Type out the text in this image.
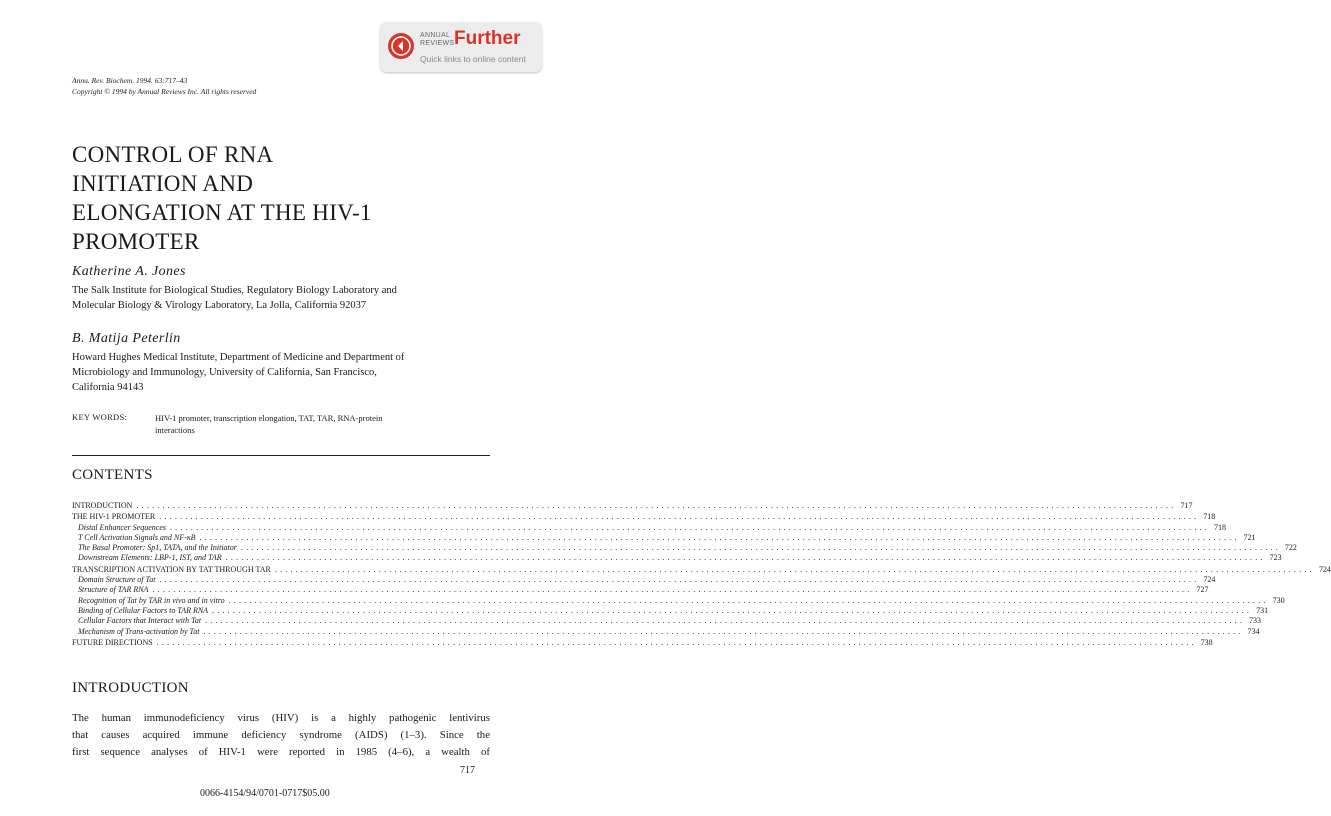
ANNUAL
REVIEWS Further
Quick links to online content
Annu. Rev. Biochem. 1994. 63:717–43
Copyright © 1994 by Annual Reviews Inc. All rights reserved
CONTROL OF RNA
INITIATION AND
ELONGATION AT THE HIV-1
PROMOTER
Katherine A. Jones
The Salk Institute for Biological Studies, Regulatory Biology Laboratory and
Molecular Biology & Virology Laboratory, La Jolla, California 92037
B. Matija Peterlin
Howard Hughes Medical Institute, Department of Medicine and Department of
Microbiology and Immunology, University of California, San Francisco,
California 94143
KEY WORDS:	HIV-1 promoter, transcription elongation, TAT, TAR, RNA-protein
interactions
CONTENTS
INTRODUCTION ........................................................................................................................................................................................................ 717
THE HIV-1 PROMOTER ........................................................................................................................................................................................................ 718
Distal Enhancer Sequences ........................................................................................................................................................................................................ 718
T Cell Activation Signals and NF-κB ........................................................................................................................................................................................................ 721
The Basal Promoter: Sp1, TATA, and the Initiator ........................................................................................................................................................................................................ 722
Downstream Elements: LBP-1, IST, and TAR ........................................................................................................................................................................................................ 723
TRANSCRIPTION ACTIVATION BY TAT THROUGH TAR ........................................................................................................................................................................................................ 724
Domain Structure of Tat ........................................................................................................................................................................................................ 724
Structure of TAR RNA ........................................................................................................................................................................................................ 727
Recognition of Tat by TAR in vivo and in vitro ........................................................................................................................................................................................................ 730
Binding of Cellular Factors to TAR RNA ........................................................................................................................................................................................................ 731
Cellular Factors that Interact with Tat ........................................................................................................................................................................................................ 733
Mechanism of Trans-activation by Tat ........................................................................................................................................................................................................ 734
FUTURE DIRECTIONS ........................................................................................................................................................................................................ 738
INTRODUCTION
The human immunodeficiency virus (HIV) is a highly pathogenic lentivirus
that causes acquired immune deficiency syndrome (AIDS) (1–3). Since the
first sequence analyses of HIV-1 were reported in 1985 (4–6), a wealth of
717
0066-4154/94/0701-0717$05.00
